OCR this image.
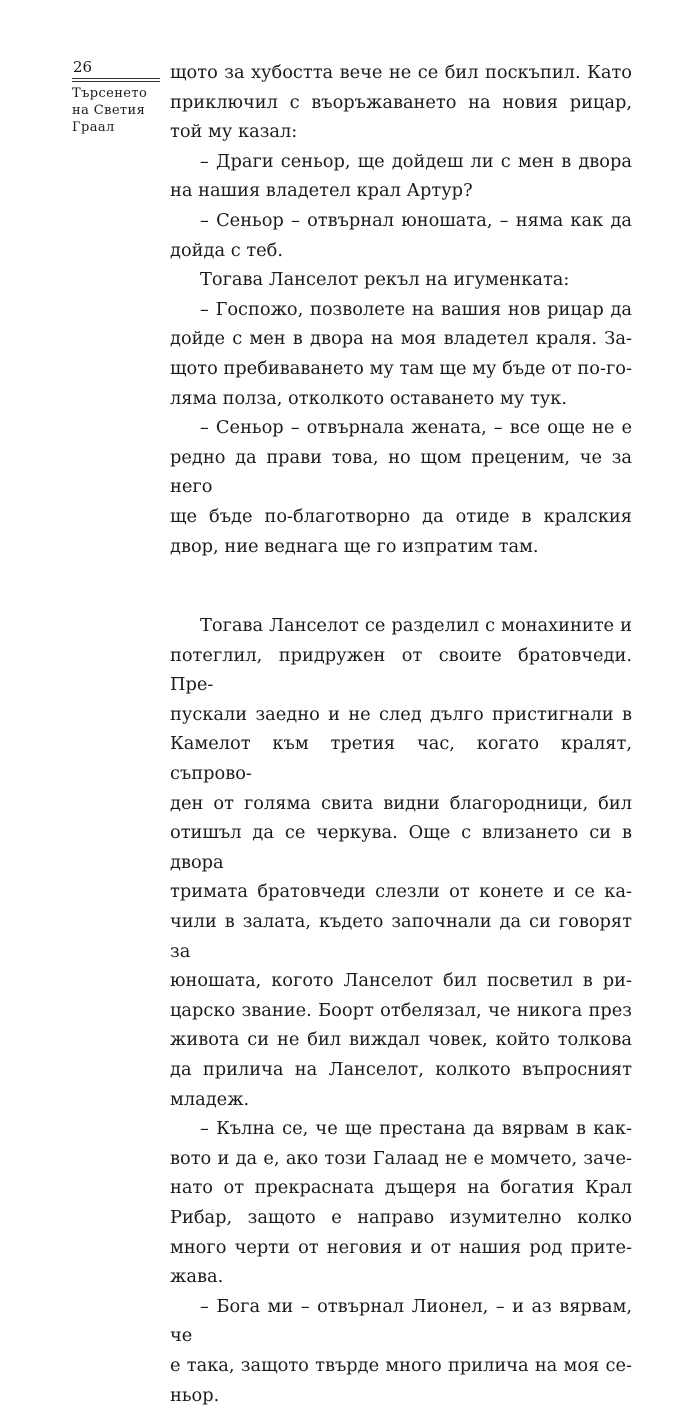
26
Търсенето
на Светия
Граал

щото за хубостта вече не се бил поскъпил. Като

приключил с въоръжаването на новия рицар,

той му казал:

– Драги сеньор, ще дойдеш ли с мен в двора

на нашия владетел крал Артур?

– Сеньор – отвърнал юношата, – няма как да

дойда с теб.

Тогава Ланселот рекъл на игуменката:

– Госпожо, позволете на вашия нов рицар да

дойде с мен в двора на моя владетел краля. За-

щото пребиваването му там ще му бъде от по-го-

ляма полза, отколкото оставането му тук.

– Сеньор – отвърнала жената, – все още не е

редно да прави това, но щом преценим, че за него

ще бъде по-благотворно да отиде в кралския

двор, ние веднага ще го изпратим там.

Тогава Ланселот се разделил с монахините и

потеглил, придружен от своите братовчеди. Пре-

пускали заедно и не след дълго пристигнали в

Камелот към третия час, когато кралят, съпрово-

ден от голяма свита видни благородници, бил

отишъл да се черкува. Още с влизането си в двора

тримата братовчеди слезли от конете и се ка-

чили в залата, където започнали да си говорят за

юношата, когото Ланселот бил посветил в ри-

царско звание. Боорт отбелязал, че никога през

живота си не бил виждал човек, който толкова

да прилича на Ланселот, колкото въпросният

младеж.

– Кълна се, че ще престана да вярвам в как-

вото и да е, ако този Галаад не е момчето, заче-

нато от прекрасната дъщеря на богатия Крал

Рибар, защото е направо изумително колко

много черти от неговия и от нашия род прите-

жава.

– Бога ми – отвърнал Лионел, – и аз вярвам, че

е така, защото твърде много прилича на моя се-

ньор.
